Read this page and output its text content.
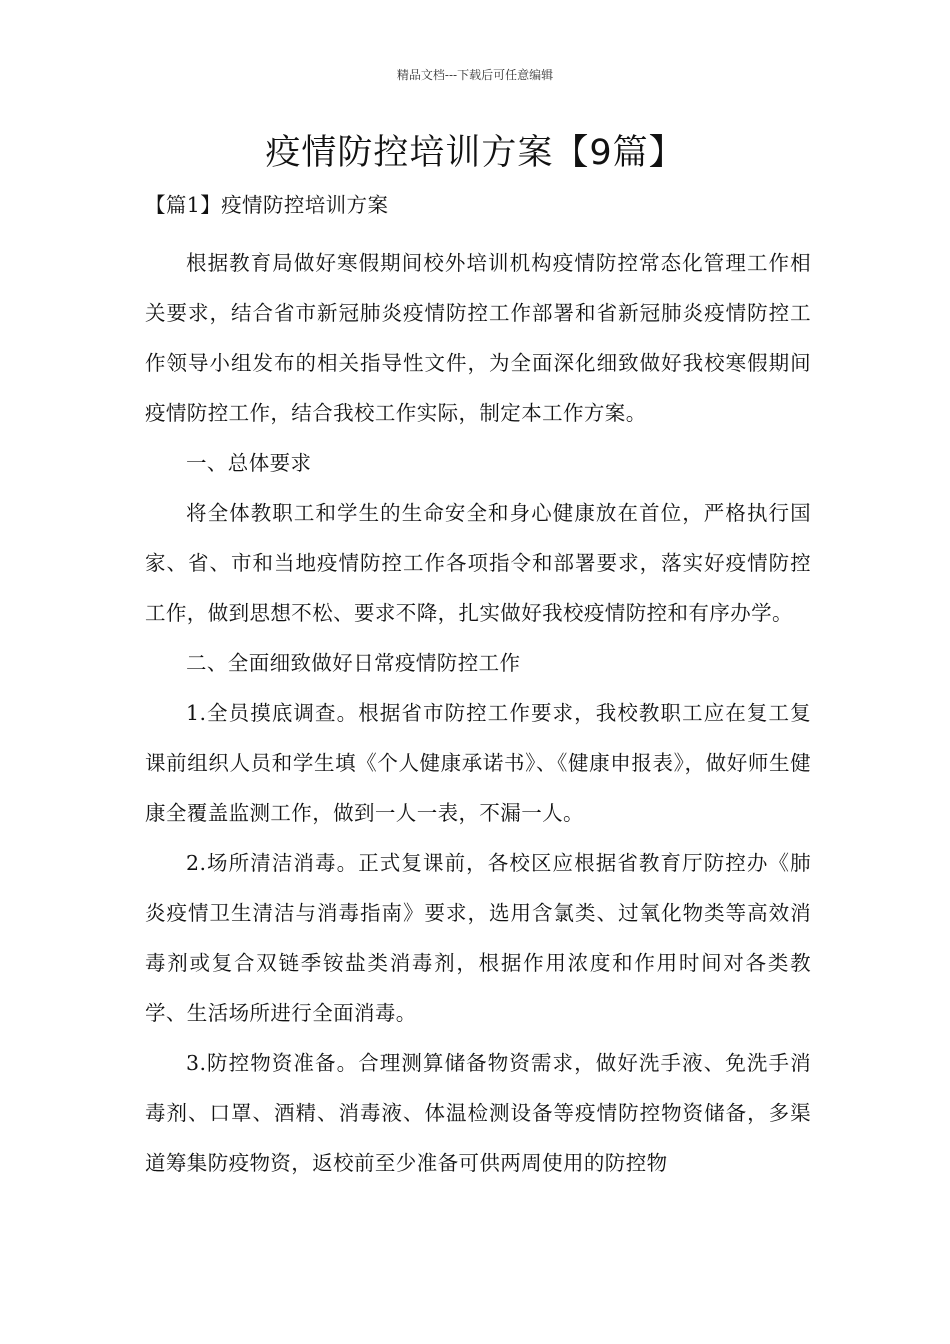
精品文档---下载后可任意编辑
疫情防控培训方案【9篇】

【篇1】疫情防控培训方案

根据教育局做好寒假期间校外培训机构疫情防控常态化管理工作相关要求，结合省市新冠肺炎疫情防控工作部署和省新冠肺炎疫情防控工作领导小组发布的相关指导性文件，为全面深化细致做好我校寒假期间疫情防控工作，结合我校工作实际，制定本工作方案。

一、总体要求

将全体教职工和学生的生命安全和身心健康放在首位，严格执行国家、省、市和当地疫情防控工作各项指令和部署要求，落实好疫情防控工作，做到思想不松、要求不降，扎实做好我校疫情防控和有序办学。

二、全面细致做好日常疫情防控工作

1.全员摸底调查。根据省市防控工作要求，我校教职工应在复工复课前组织人员和学生填《个人健康承诺书》、《健康申报表》，做好师生健康全覆盖监测工作，做到一人一表，不漏一人。

2.场所清洁消毒。正式复课前，各校区应根据省教育厅防控办《肺炎疫情卫生清洁与消毒指南》要求，选用含氯类、过氧化物类等高效消毒剂或复合双链季铵盐类消毒剂，根据作用浓度和作用时间对各类教学、生活场所进行全面消毒。

3.防控物资准备。合理测算储备物资需求，做好洗手液、免洗手消毒剂、口罩、酒精、消毒液、体温检测设备等疫情防控物资储备，多渠道筹集防疫物资，返校前至少准备可供两周使用的防控物
